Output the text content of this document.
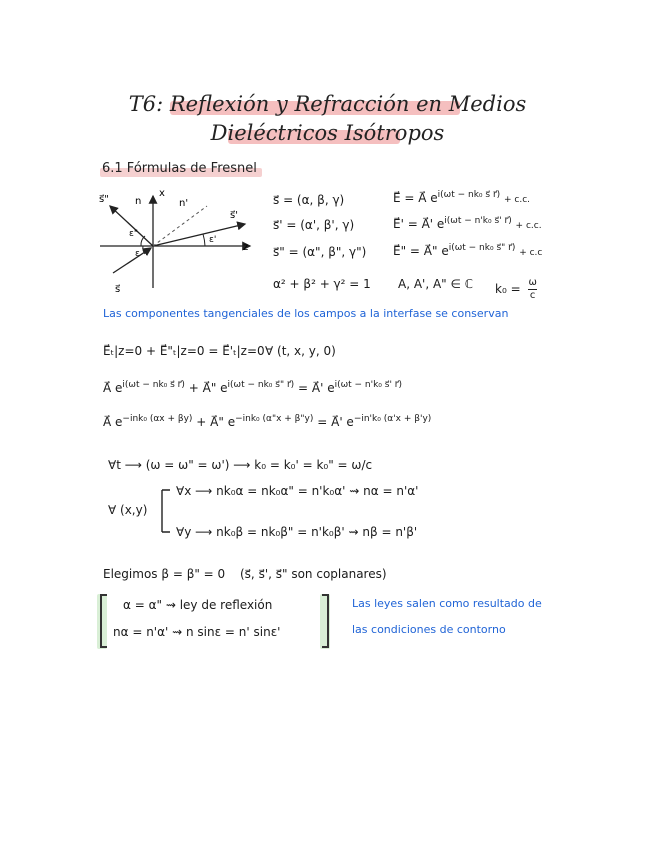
T6: Reflexión y Refracción en Medios
Dieléctricos Isótropos
6.1 Fórmulas de Fresnel
s⃗"	n
x
n'
s⃗'
z
ε"
ε'
ε
s⃗
s⃗ = (α, β, γ)
s⃗' = (α', β', γ)
s⃗" = (α", β", γ")
α² + β² + γ² = 1
E⃗ = A⃗ $e^{i(\omega t - nk_0 s⃗ r⃗)} + c.c$.
E⃗' = A⃗' $e^{i(\omega t - n'k_0 s⃗' r⃗)} + c.c$.
E⃗" = A⃗" $e^{i(\omega t - nk_0 s⃗" r⃗)} + c.c$
A, A', A" ∈ ℂ $k_0 = \frac{\omega}{c}$
Las componentes tangenciales de los campos a la interfase se conservan
E⃗ₜ|z=0 + E⃗"ₜ|z=0 = E⃗'ₜ|z=0 ∀ (t, x, y, 0)
A⃗ $e^{i(\omega t - nk_0 s⃗ r⃗)}$ + A⃗" $e^{i(\omega t - nk_0 s⃗" r⃗)}$ = A⃗' $e^{i(\omega t - n'k_0 s⃗' r⃗)}$
A⃗ $e^{-ink_0 (\alpha x + \beta y)}$ + A⃗" $e^{-ink_0 (\alpha"x + \beta"y)}$ = A⃗' $e^{-in'k_0 (\alpha'x + \beta'y)}$
∀t ⟶ (ω = ω" = ω') ⟶ k₀ = k₀' = k₀" = ω/c
∀ (x,y)
∀x ⟶ nk₀α = nk₀α" = n'k₀α' ⇝ nα = n'α'
∀y ⟶ nk₀β = nk₀β" = n'k₀β' ⇝ nβ = n'β'
Elegimos β = β" = 0 (s⃗, s⃗', s⃗" son coplanares)
α = α" ⇝ ley de reflexión
nα = n'α' ⇝ n sinε = n' sinε'
Las leyes salen como resultado de
las condiciones de contorno
